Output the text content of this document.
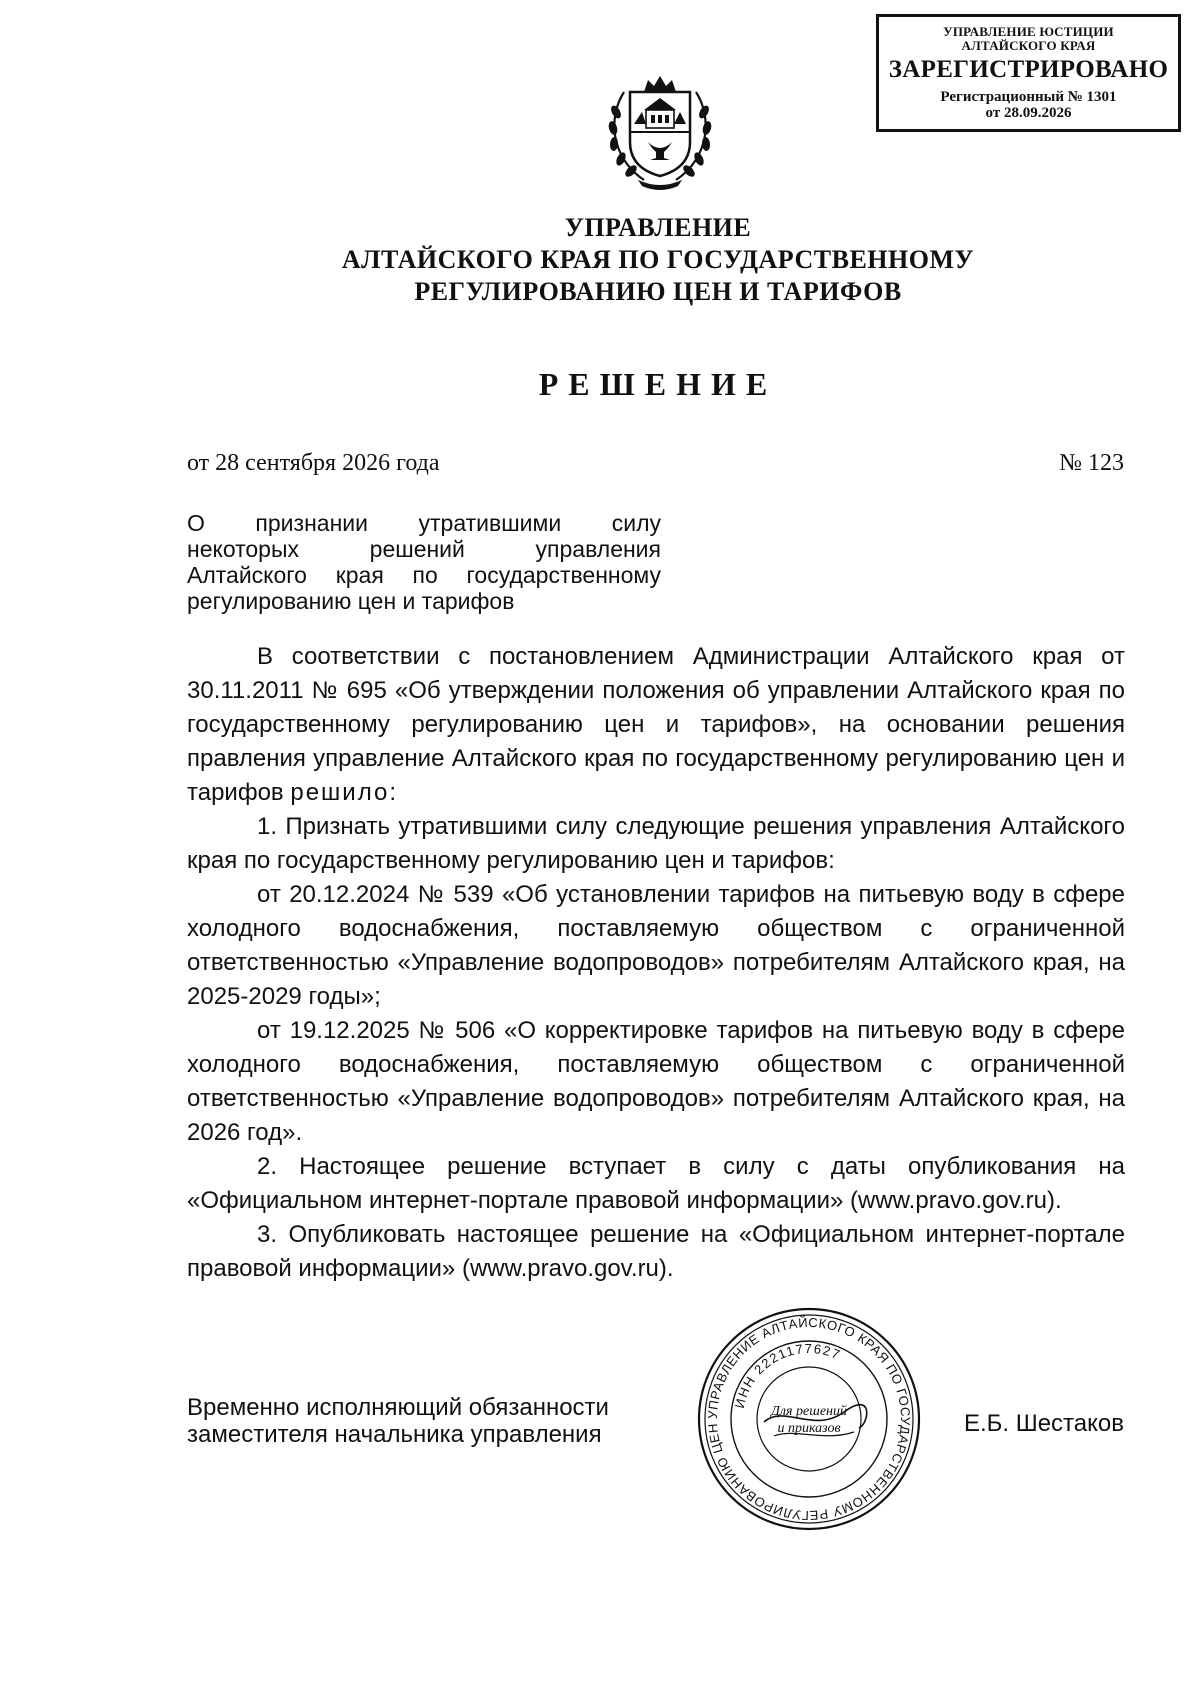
УПРАВЛЕНИЕ ЮСТИЦИИ
АЛТАЙСКОГО КРАЯ
ЗАРЕГИСТРИРОВАНО
Регистрационный № 1301
от 28.09.2026
УПРАВЛЕНИЕ
АЛТАЙСКОГО КРАЯ ПО ГОСУДАРСТВЕННОМУ
РЕГУЛИРОВАНИЮ ЦЕН И ТАРИФОВ
РЕШЕНИЕ
от 28 сентября 2026 года	№ 123
О признании утратившими силу
некоторых решений управления
Алтайского края по государственному
регулированию цен и тарифов

В соответствии с постановлением Администрации Алтайского края от 30.11.2011 № 695 «Об утверждении положения об управлении Алтайского края по государственному регулированию цен и тарифов», на основании решения правления управление Алтайского края по государственному регулированию цен и тарифов решило:

1. Признать утратившими силу следующие решения управления Алтайского края по государственному регулированию цен и тарифов:

от 20.12.2024 № 539 «Об установлении тарифов на питьевую воду в сфере холодного водоснабжения, поставляемую обществом с ограниченной ответственностью «Управление водопроводов» потребителям Алтайского края, на 2025-2029 годы»;

от 19.12.2025 № 506 «О корректировке тарифов на питьевую воду в сфере холодного водоснабжения, поставляемую обществом с ограниченной ответственностью «Управление водопроводов» потребителям Алтайского края, на 2026 год».

2. Настоящее решение вступает в силу с даты опубликования на «Официальном интернет-портале правовой информации» (www.pravo.gov.ru).

3. Опубликовать настоящее решение на «Официальном интернет-портале правовой информации» (www.pravo.gov.ru).

Временно исполняющий обязанности
заместителя начальника управления	Е.Б. Шестаков
УПРАВЛЕНИЕ АЛТАЙСКОГО КРАЯ ПО ГОСУДАРСТВЕННОМУ РЕГУЛИРОВАНИЮ ЦЕН
ИНН 2221177627
Для решений
и приказов
